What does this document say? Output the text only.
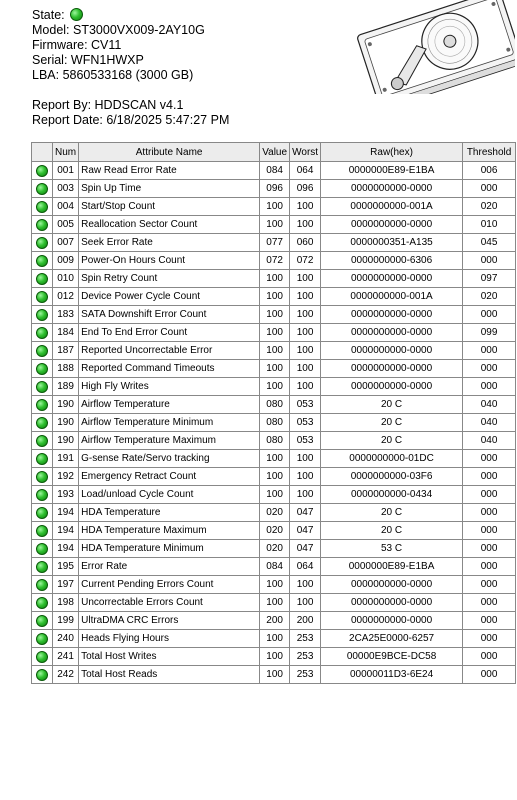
State:
Model: ST3000VX009-2AY10G
Firmware: CV11
Serial: WFN1HWXP
LBA: 5860533168 (3000 GB)
Report By: HDDSCAN v4.1
Report Date: 6/18/2025 5:47:27 PM
	Num	Attribute Name	Value	Worst	Raw(hex)	Threshold
	001	Raw Read Error Rate	084	064	0000000E89-E1BA	006
	003	Spin Up Time	096	096	0000000000-0000	000
	004	Start/Stop Count	100	100	0000000000-001A	020
	005	Reallocation Sector Count	100	100	0000000000-0000	010
	007	Seek Error Rate	077	060	0000000351-A135	045
	009	Power-On Hours Count	072	072	0000000000-6306	000
	010	Spin Retry Count	100	100	0000000000-0000	097
	012	Device Power Cycle Count	100	100	0000000000-001A	020
	183	SATA Downshift Error Count	100	100	0000000000-0000	000
	184	End To End Error Count	100	100	0000000000-0000	099
	187	Reported Uncorrectable Error	100	100	0000000000-0000	000
	188	Reported Command Timeouts	100	100	0000000000-0000	000
	189	High Fly Writes	100	100	0000000000-0000	000
	190	Airflow Temperature	080	053	20 C	040
	190	Airflow Temperature Minimum	080	053	20 C	040
	190	Airflow Temperature Maximum	080	053	20 C	040
	191	G-sense Rate/Servo tracking	100	100	0000000000-01DC	000
	192	Emergency Retract Count	100	100	0000000000-03F6	000
	193	Load/unload Cycle Count	100	100	0000000000-0434	000
	194	HDA Temperature	020	047	20 C	000
	194	HDA Temperature Maximum	020	047	20 C	000
	194	HDA Temperature Minimum	020	047	53 C	000
	195	Error Rate	084	064	0000000E89-E1BA	000
	197	Current Pending Errors Count	100	100	0000000000-0000	000
	198	Uncorrectable Errors Count	100	100	0000000000-0000	000
	199	UltraDMA CRC Errors	200	200	0000000000-0000	000
	240	Heads Flying Hours	100	253	2CA25E0000-6257	000
	241	Total Host Writes	100	253	00000E9BCE-DC58	000
	242	Total Host Reads	100	253	00000011D3-6E24	000
